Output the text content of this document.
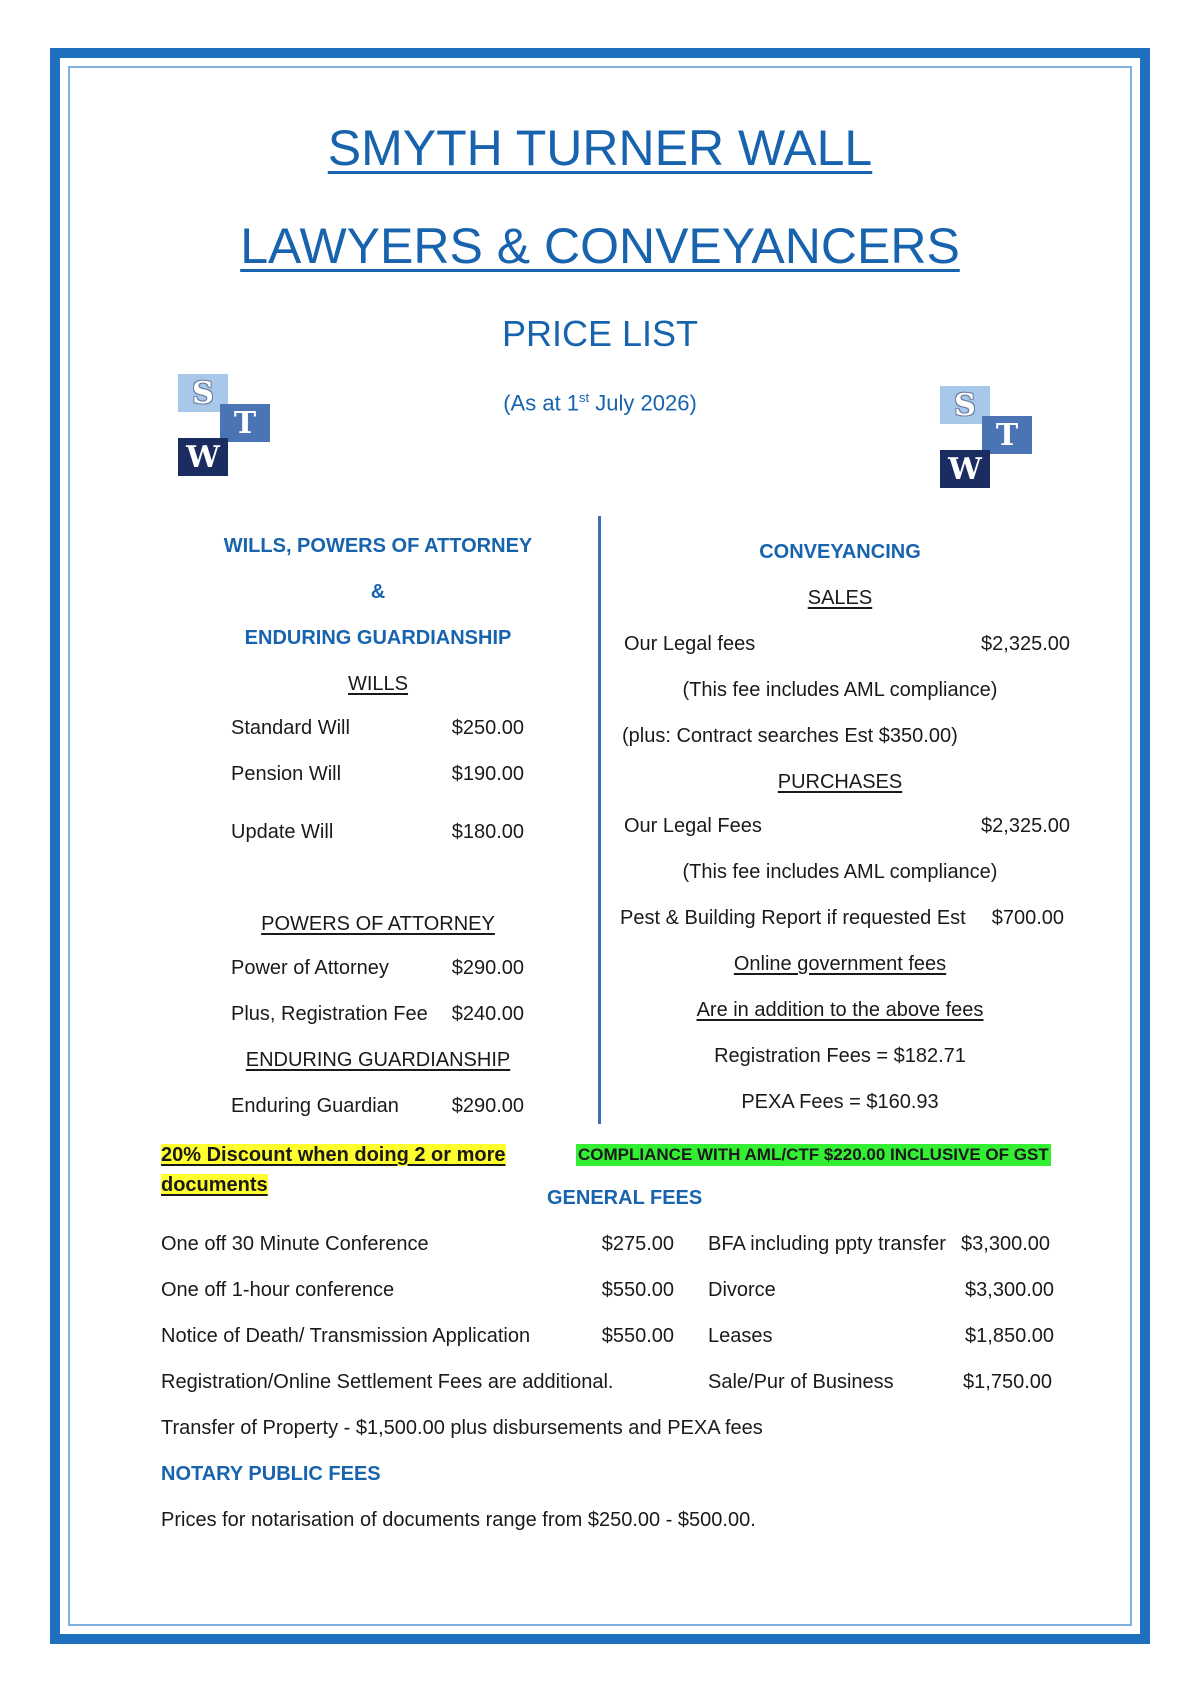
SMYTH TURNER WALL
LAWYERS & CONVEYANCERS
PRICE LIST
(As at 1st July 2026)
S
T
W
S
T
W
WILLS, POWERS OF ATTORNEY
&
ENDURING GUARDIANSHIP
WILLS
Standard Will	$250.00
Pension Will	$190.00
Update Will	$180.00
POWERS OF ATTORNEY
Power of Attorney	$290.00
Plus, Registration Fee	$240.00
ENDURING GUARDIANSHIP
Enduring Guardian	$290.00
CONVEYANCING
SALES
Our Legal fees	$2,325.00
(This fee includes AML compliance)
(plus: Contract searches Est $350.00)
PURCHASES
Our Legal Fees	$2,325.00
(This fee includes AML compliance)
Pest & Building Report if requested Est	$700.00
Online government fees
Are in addition to the above fees
Registration Fees = $182.71
PEXA Fees = $160.93
20% Discount when doing 2 or more
documents
COMPLIANCE WITH AML/CTF $220.00 INCLUSIVE OF GST
GENERAL FEES
One off 30 Minute Conference	$275.00
One off 1-hour conference	$550.00
Notice of Death/ Transmission Application	$550.00
Registration/Online Settlement Fees are additional.
BFA including ppty transfer $3,300.00
Divorce	$3,300.00
Leases	$1,850.00
Sale/Pur of Business	$1,750.00
Transfer of Property - $1,500.00 plus disbursements and PEXA fees
NOTARY PUBLIC FEES
Prices for notarisation of documents range from $250.00 - $500.00.
